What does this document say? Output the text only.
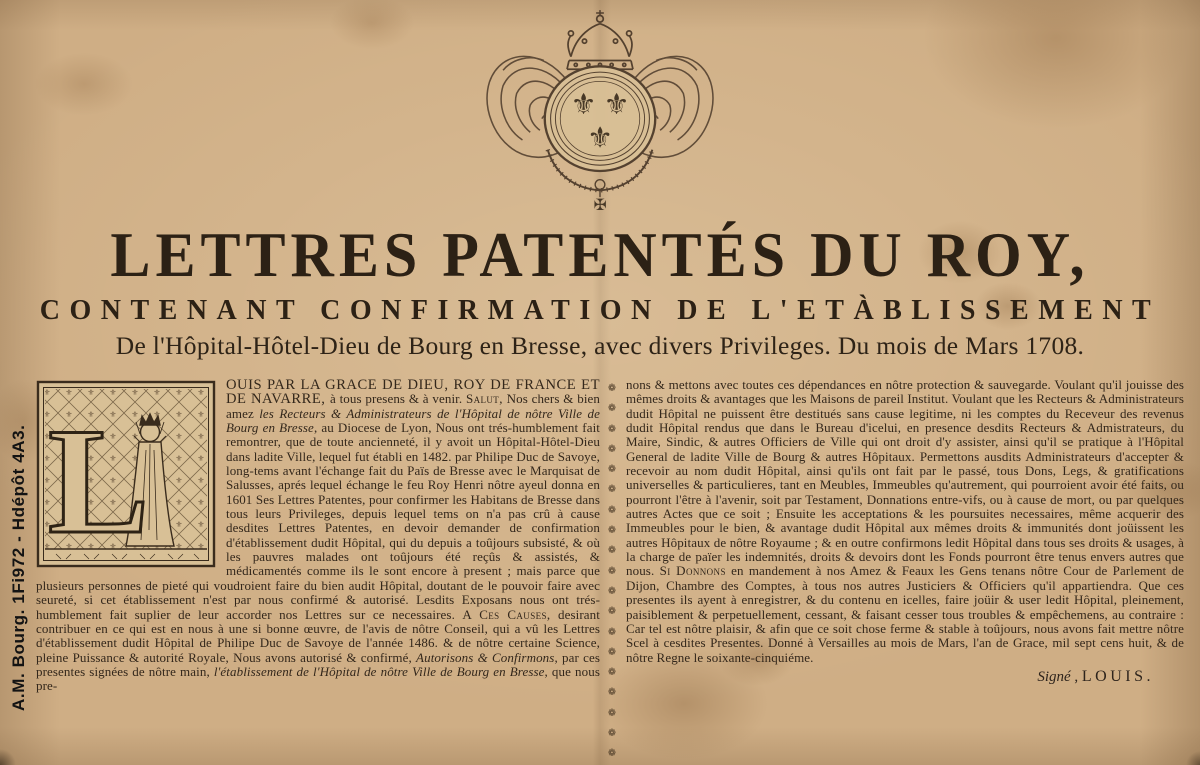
A.M. Bourg. 1Fi972 - Hdépôt 4A3.
⚜ ⚜
⚜
✠
LETTRES PATENTÉS DU ROY,
CONTENANT CONFIRMATION DE L'ETÀBLISSEMENT
De l'Hôpital-Hôtel-Dieu de Bourg en Bresse, avec divers Privileges. Du mois de Mars 1708.
L
OUIS PAR LA GRACE DE DIEU, ROY DE FRANCE ET DE NAVARRE, à tous presens & à venir. Salut, Nos chers & bien amez les Recteurs & Administrateurs de l'Hôpital de nôtre Ville de Bourg en Bresse, au Diocese de Lyon, Nous ont trés-humblement fait remontrer, que de toute ancienneté, il y avoit un Hôpital-Hôtel-Dieu dans ladite Ville, lequel fut établi en 1482. par Philipe Duc de Savoye, long-tems avant l'échange fait du Païs de Bresse avec le Marquisat de Salusses, aprés lequel échange le feu Roy Henri nôtre ayeul donna en 1601 Ses Lettres Patentes, pour confirmer les Habitans de Bresse dans tous leurs Privileges, depuis lequel tems on n'a pas crû à cause desdites Lettres Patentes, en devoir demander de confirmation d'établissement dudit Hôpital, qui du depuis a toûjours subsisté, & où les pauvres malades ont toûjours été reçûs & assistés, & médicamentés comme ils le sont encore à present ; mais parce que plusieurs personnes de pieté qui voudroient faire du bien audit Hôpital, doutant de le pouvoir faire avec seureté, si cet établissement n'est par nous confirmé & autorisé. Lesdits Exposans nous ont trés-humblement fait suplier de leur accorder nos Lettres sur ce necessaires. A Ces Causes, desirant contribuer en ce qui est en nous à une si bonne œuvre, de l'avis de nôtre Conseil, qui a vû les Lettres d'établissement dudit Hôpital de Philipe Duc de Savoye de l'année 1486. & de nôtre certaine Science, pleine Puissance & autorité Royale, Nous avons autorisé & confirmé, Autorisons & Confirmons, par ces presentes signées de nôtre main, l'établissement de l'Hôpital de nôtre Ville de Bourg en Bresse, que nous pre-
❁
❁
❁
❁
❁
❁
❁
❁
❁
❁
❁
❁
❁
❁
❁
❁
❁
❁
❁
nons & mettons avec toutes ces dépendances en nôtre protection & sauvegarde. Voulant qu'il jouisse des mêmes droits & avantages que les Maisons de pareil Institut. Voulant que les Recteurs & Administrateurs dudit Hôpital ne puissent être destitués sans cause legitime, ni les comptes du Receveur des revenus dudit Hôpital rendus que dans le Bureau d'icelui, en presence desdits Recteurs & Admistrateurs, du Maire, Sindic, & autres Officiers de Ville qui ont droit d'y assister, ainsi qu'il se pratique à l'Hôpital General de ladite Ville de Bourg & autres Hôpitaux. Permettons ausdits Administrateurs d'accepter & recevoir au nom dudit Hôpital, ainsi qu'ils ont fait par le passé, tous Dons, Legs, & gratifications universelles & particulieres, tant en Meubles, Immeubles qu'autrement, qui pourroient avoir été faits, ou pourront l'être à l'avenir, soit par Testament, Donnations entre-vifs, ou à cause de mort, ou par quelques autres Actes que ce soit ; Ensuite les acceptations & les poursuites necessaires, même acquerir des Immeubles pour le bien, & avantage dudit Hôpital aux mêmes droits & immunités dont joüissent les autres Hôpitaux de nôtre Royaume ; & en outre confirmons ledit Hôpital dans tous ses droits & usages, à la charge de païer les indemnités, droits & devoirs dont les Fonds pourront être tenus envers autres que nous. Si Donnons en mandement à nos Amez & Feaux les Gens tenans nôtre Cour de Parlement de Dijon, Chambre des Comptes, à tous nos autres Justiciers & Officiers qu'il appartiendra. Que ces presentes ils ayent à enregistrer, & du contenu en icelles, faire joüir & user ledit Hôpital, pleinement, paisiblement & perpetuellement, cessant, & faisant cesser tous troubles & empêchemens, au contraire : Car tel est nôtre plaisir, & afin que ce soit chose ferme & stable à toûjours, nous avons fait mettre nôtre Scel à cesdites Presentes. Donné à Versailles au mois de Mars, l'an de Grace, mil sept cens huit, & de nôtre Regne le soixante-cinquiéme.
Signé , LOUIS.
